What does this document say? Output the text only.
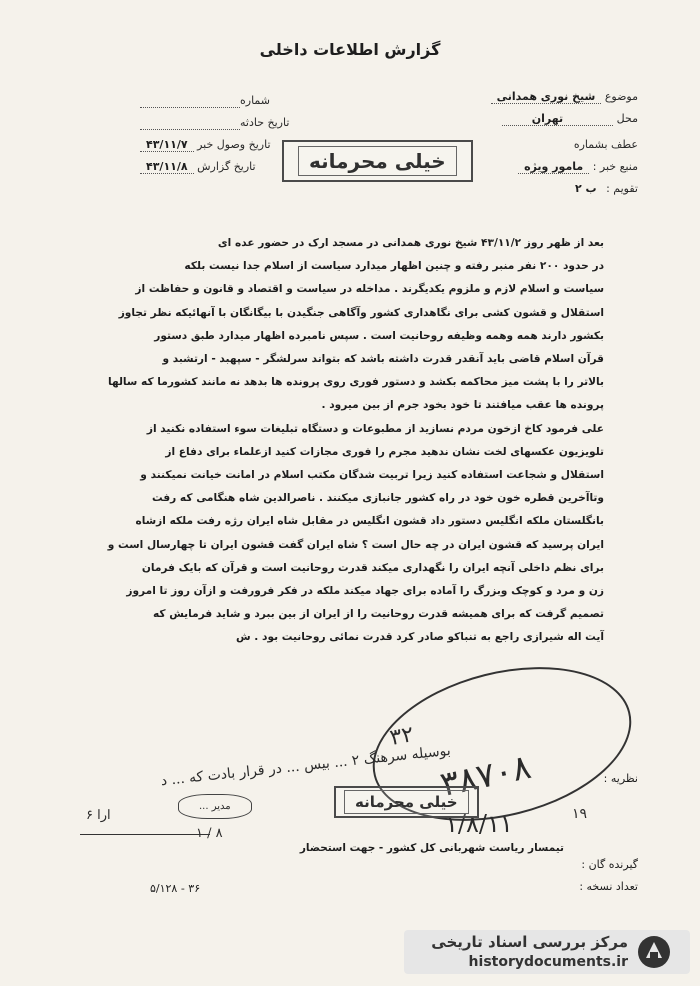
گزارش اطلاعات داخلی
موضوع شیخ نوری همدانی
محل تهران
عطف بشماره
منبع خبر : مامور ویژه
تقویم : ب ۲
شماره
تاریخ حادثه
تاریخ وصول خبر ۴۳/۱۱/۷
تاریخ گزارش ۴۳/۱۱/۸	خیلی محرمانه

بعد از ظهر روز ۴۳/۱۱/۲ شیخ نوری همدانی در مسجد ارک در حضور عده ای

در حدود ۲۰۰ نفر منبر رفته و چنین اظهار میدارد سیاست از اسلام جدا نیست بلکه

سیاست و اسلام لازم و ملزوم یکدیگرند . مداخله در سیاست و اقتصاد و قانون و حفاظت از

استقلال و قشون کشی برای نگاهداری کشور وآگاهی جنگیدن با بیگانگان با آنهائیکه نظر تجاوز

بکشور دارند همه وهمه وظیفه روحانیت است . سپس نامبرده اظهار میدارد طبق دستور

قرآن اسلام قاضی باید آنقدر قدرت داشته باشد که بتواند سرلشگر - سپهبد - ارتشبد و

بالاتر را با پشت میز محاکمه بکشد و دستور فوری روی پرونده ها بدهد نه مانند کشورما که سالها

پرونده ها عقب میافتند تا خود بخود جرم از بین میرود .

علی فرمود کاخ ازخون مردم نسازید از مطبوعات و دستگاه تبلیغات سوء استفاده نکنید از

تلویزیون عکسهای لخت نشان ندهید مجرم را فوری مجازات کنید ازعلماء برای دفاع از

استقلال و شجاعت استفاده کنید زیرا تربیت شدگان مکتب اسلام در امانت خیانت نمیکنند و

وتاآخرین قطره خون خود در راه کشور جانبازی میکنند . ناصرالدین شاه هنگامی که رفت

بانگلستان ملکه انگلیس دستور داد قشون انگلیس در مقابل شاه ایران رژه رفت ملکه ازشاه

ایران پرسید که قشون ایران در چه حال است ؟ شاه ایران گفت قشون ایران تا چهارسال است و

برای نظم داخلی آنچه ایران را نگهداری میکند قدرت روحانیت است و قرآن که بایک فرمان

زن و مرد و کوچک وبزرگ را آماده برای جهاد میکند ملکه در فکر فرورفت و ازآن روز تا امروز

تصمیم گرفت که برای همیشه قدرت روحانیت را از ایران از بین ببرد و شاید فرمایش که

آیت اله شیرازی راجع به تنباکو صادر کرد قدرت نمائی روحانیت بود . ش

نظریه :
۳۲
۳۸۷۰۸
۱/۸/۱۱
بوسیله سرهنگ ۲ ... بیس ... در قرار بادت که ... د
خیلی محرمانه
مدیر ...
ارا ۶
۸ / ۱
۱۹
تیمسار ریاست شهربانی کل کشور - جهت استحضار
گیرنده گان :
تعداد نسخه :
۵/۱۲۸ - ۳۶
مرکز بررسی اسناد تاریخی
historydocuments.ir
